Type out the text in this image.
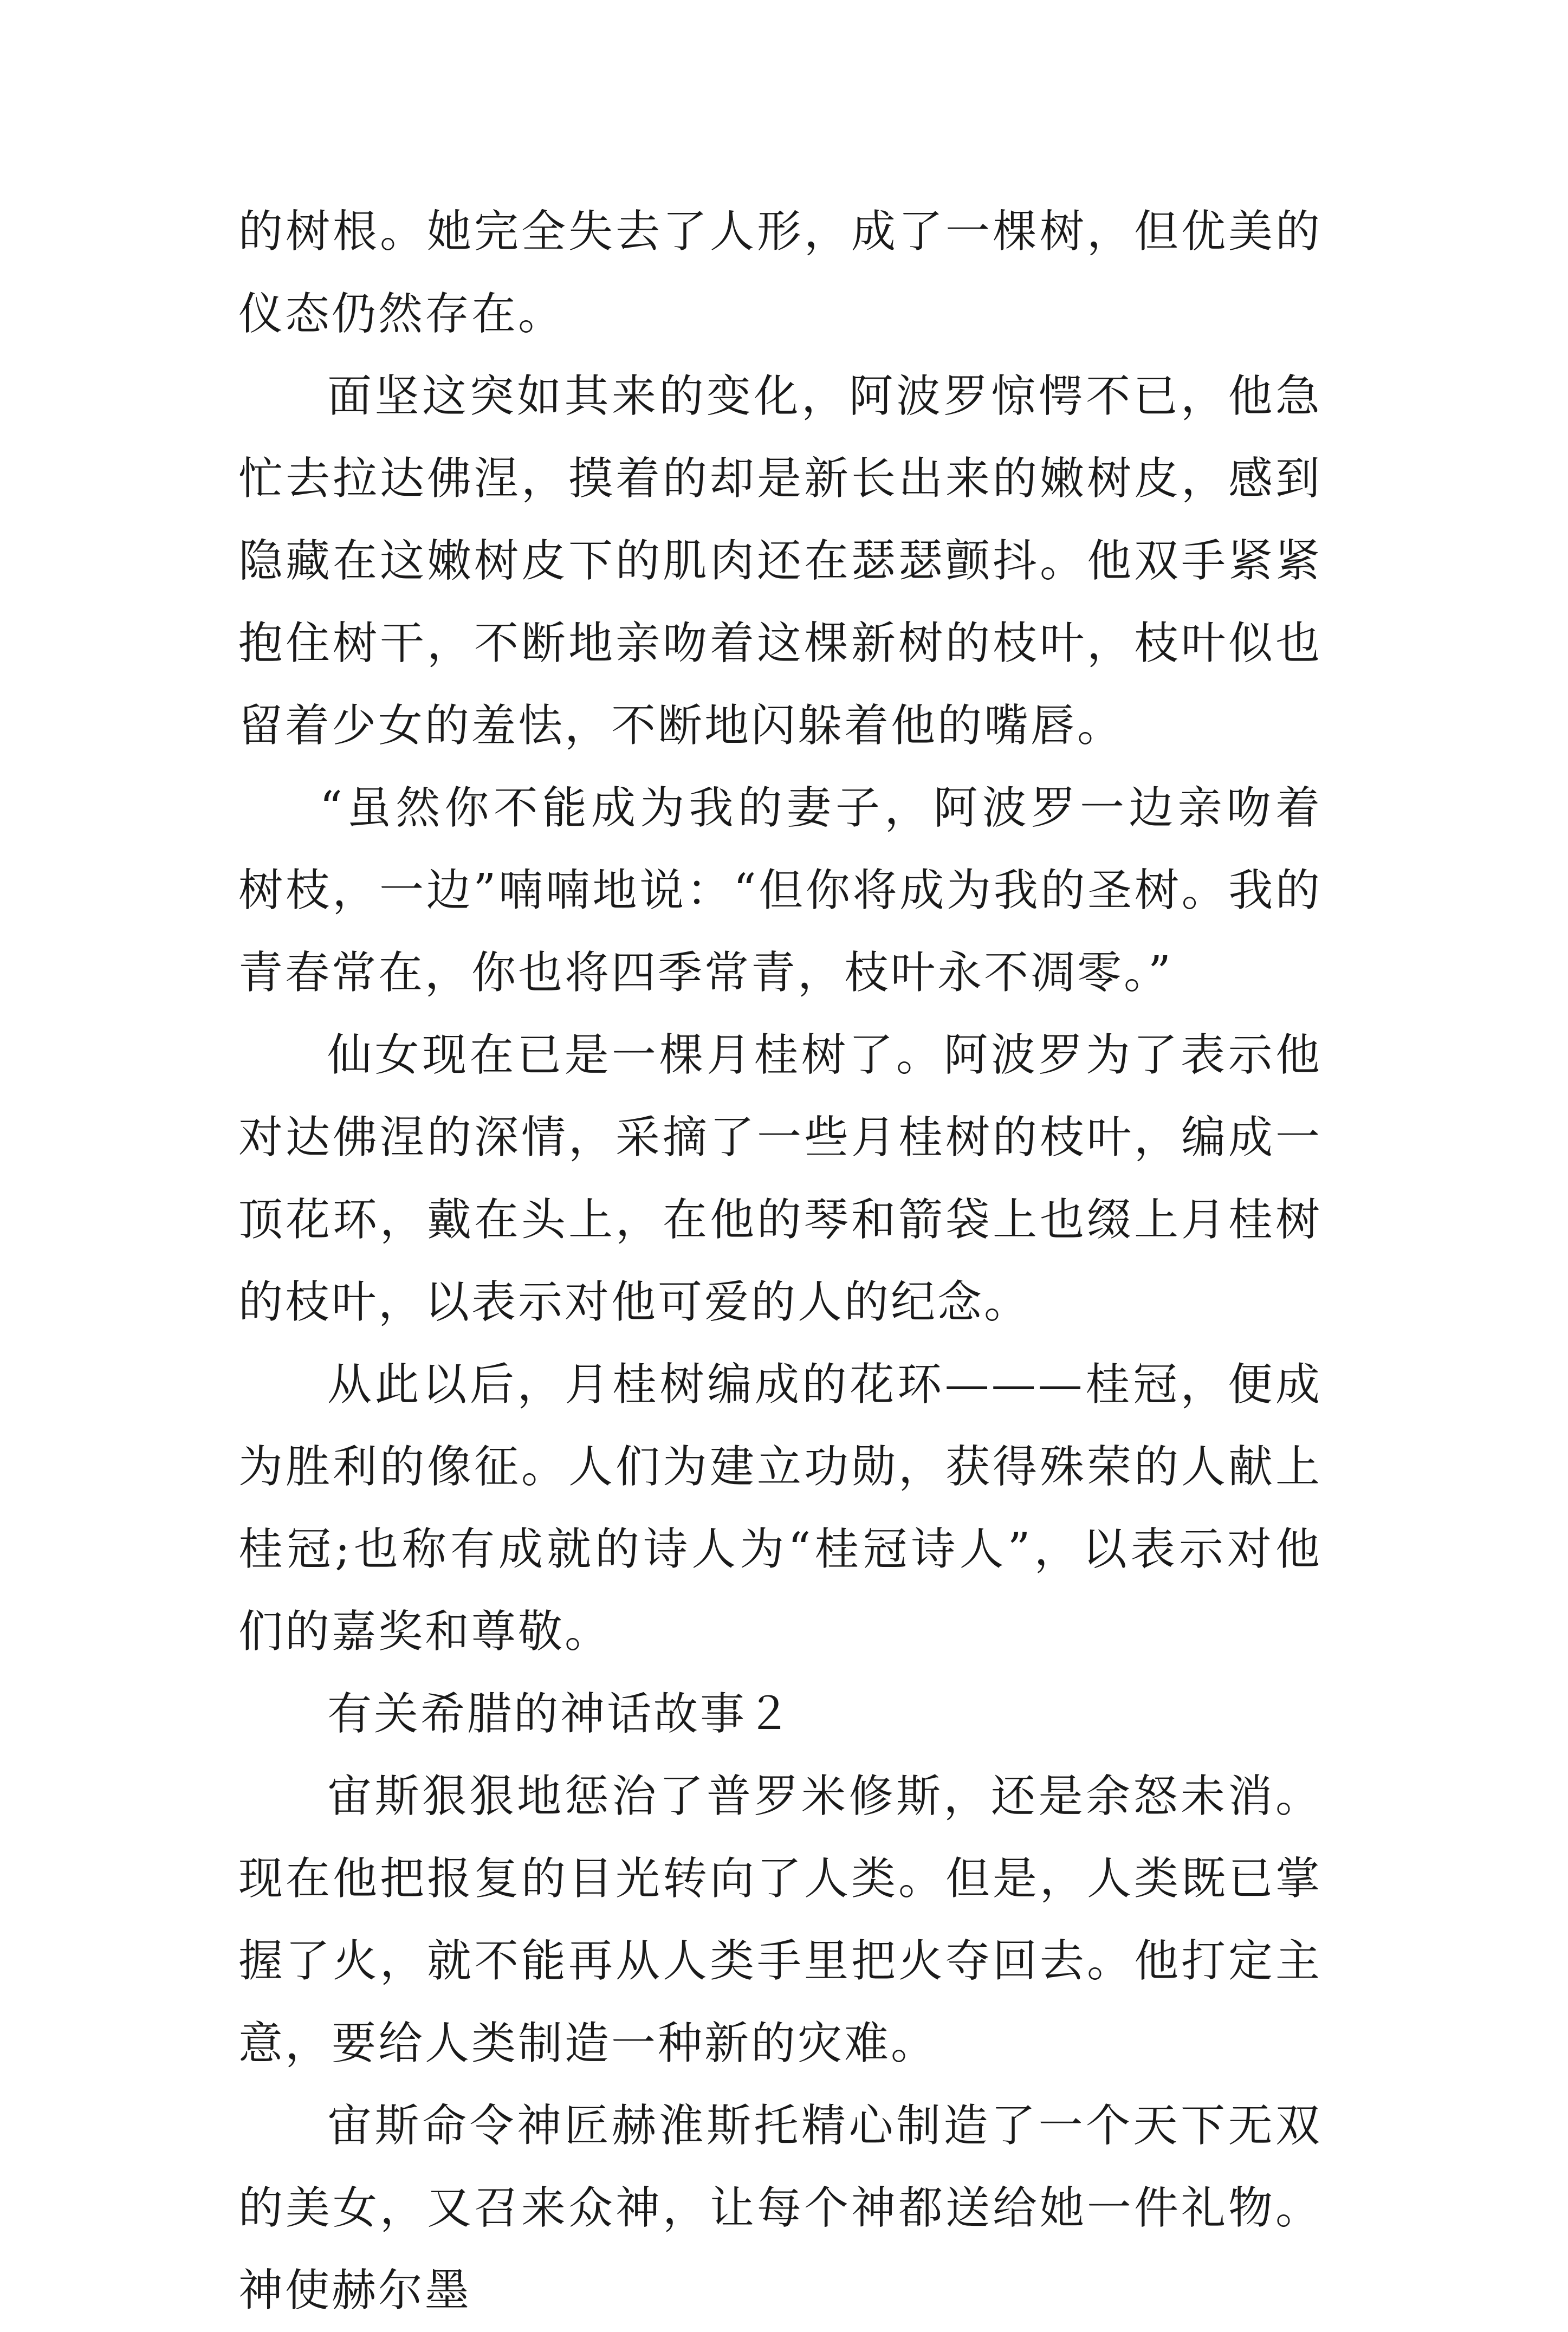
的树根。她完全失去了人形，成了一棵树，但优美的仪态仍然存在。

面坚这突如其来的变化，阿波罗惊愕不已，他急忙去拉达佛涅，摸着的却是新长出来的嫩树皮，感到隐藏在这嫩树皮下的肌肉还在瑟瑟颤抖。他双手紧紧抱住树干，不断地亲吻着这棵新树的枝叶，枝叶似也留着少女的羞怯，不断地闪躲着他的嘴唇。

“虽然你不能成为我的妻子，阿波罗一边亲吻着树枝，一边”喃喃地说：“但你将成为我的圣树。我的青春常在，你也将四季常青，枝叶永不凋零。”

仙女现在已是一棵月桂树了。阿波罗为了表示他对达佛涅的深情，采摘了一些月桂树的枝叶，编成一顶花环，戴在头上，在他的琴和箭袋上也缀上月桂树的枝叶，以表示对他可爱的人的纪念。

从此以后，月桂树编成的花环———桂冠，便成为胜利的像征。人们为建立功勋，获得殊荣的人献上桂冠;也称有成就的诗人为“桂冠诗人”，以表示对他们的嘉奖和尊敬。

有关希腊的神话故事２

宙斯狠狠地惩治了普罗米修斯，还是余怒未消。现在他把报复的目光转向了人类。但是，人类既已掌握了火，就不能再从人类手里把火夺回去。他打定主意，要给人类制造一种新的灾难。

宙斯命令神匠赫淮斯托精心制造了一个天下无双的美女，又召来众神，让每个神都送给她一件礼物。神使赫尔墨
